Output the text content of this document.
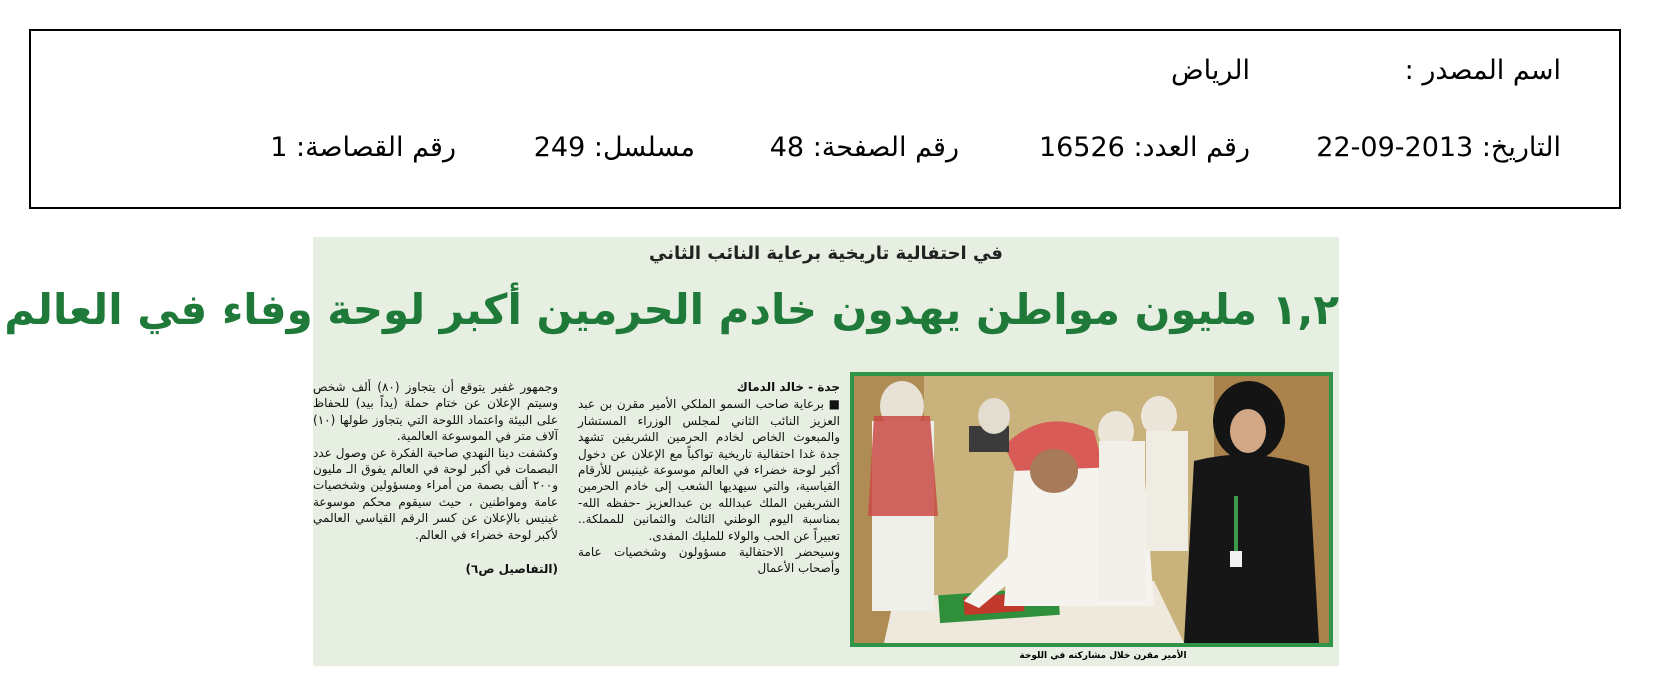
اسم المصدر :
الرياض
التاريخ: 2013-09-22
رقم العدد: 16526
رقم الصفحة: 48
مسلسل: 249
رقم القصاصة: 1
في احتفالية تاريخية برعاية النائب الثاني
١,٢ مليون مواطن يهدون خادم الحرمين أكبر لوحة وفاء في العالم
الأمير مقرن خلال مشاركته في اللوحة
جدة - خالد الدماك
■ برعاية صاحب السمو الملكي الأمير مقرن بن عبد العزيز النائب الثاني لمجلس الوزراء المستشار والمبعوث الخاص لخادم الحرمين الشريفين تشهد جدة غدا احتفالية تاريخية تواكباً مع الإعلان عن دخول أكبر لوحة خضراء في العالم موسوعة غينيس للأرقام القياسية، والتي سيهديها الشعب إلى خادم الحرمين الشريفين الملك عبدالله بن عبدالعزيز -حفظه الله- بمناسبة اليوم الوطني الثالث والثمانين للمملكة.. تعبيراً عن الحب والولاء للمليك المفدى.
وسيحضر الاحتفالية مسؤولون وشخصيات عامة وأصحاب الأعمال
وجمهور غفير يتوقع أن يتجاوز (٨٠) ألف شخص وسيتم الإعلان عن ختام حملة (يداً بيد) للحفاظ على البيئة واعتماد اللوحة التي يتجاوز طولها (١٠) آلاف متر في الموسوعة العالمية.
وكشفت دينا النهدي صاحبة الفكرة عن وصول عدد البصمات في أكبر لوحة في العالم يفوق الـ مليون و٢٠٠ ألف بصمة من أمراء ومسؤولين وشخصيات عامة ومواطنين ، حيث سيقوم محكم موسوعة غينيس بالإعلان عن كسر الرقم القياسي العالمي لأكبر لوحة خضراء في العالم.
(التفاصيل ص٦)
